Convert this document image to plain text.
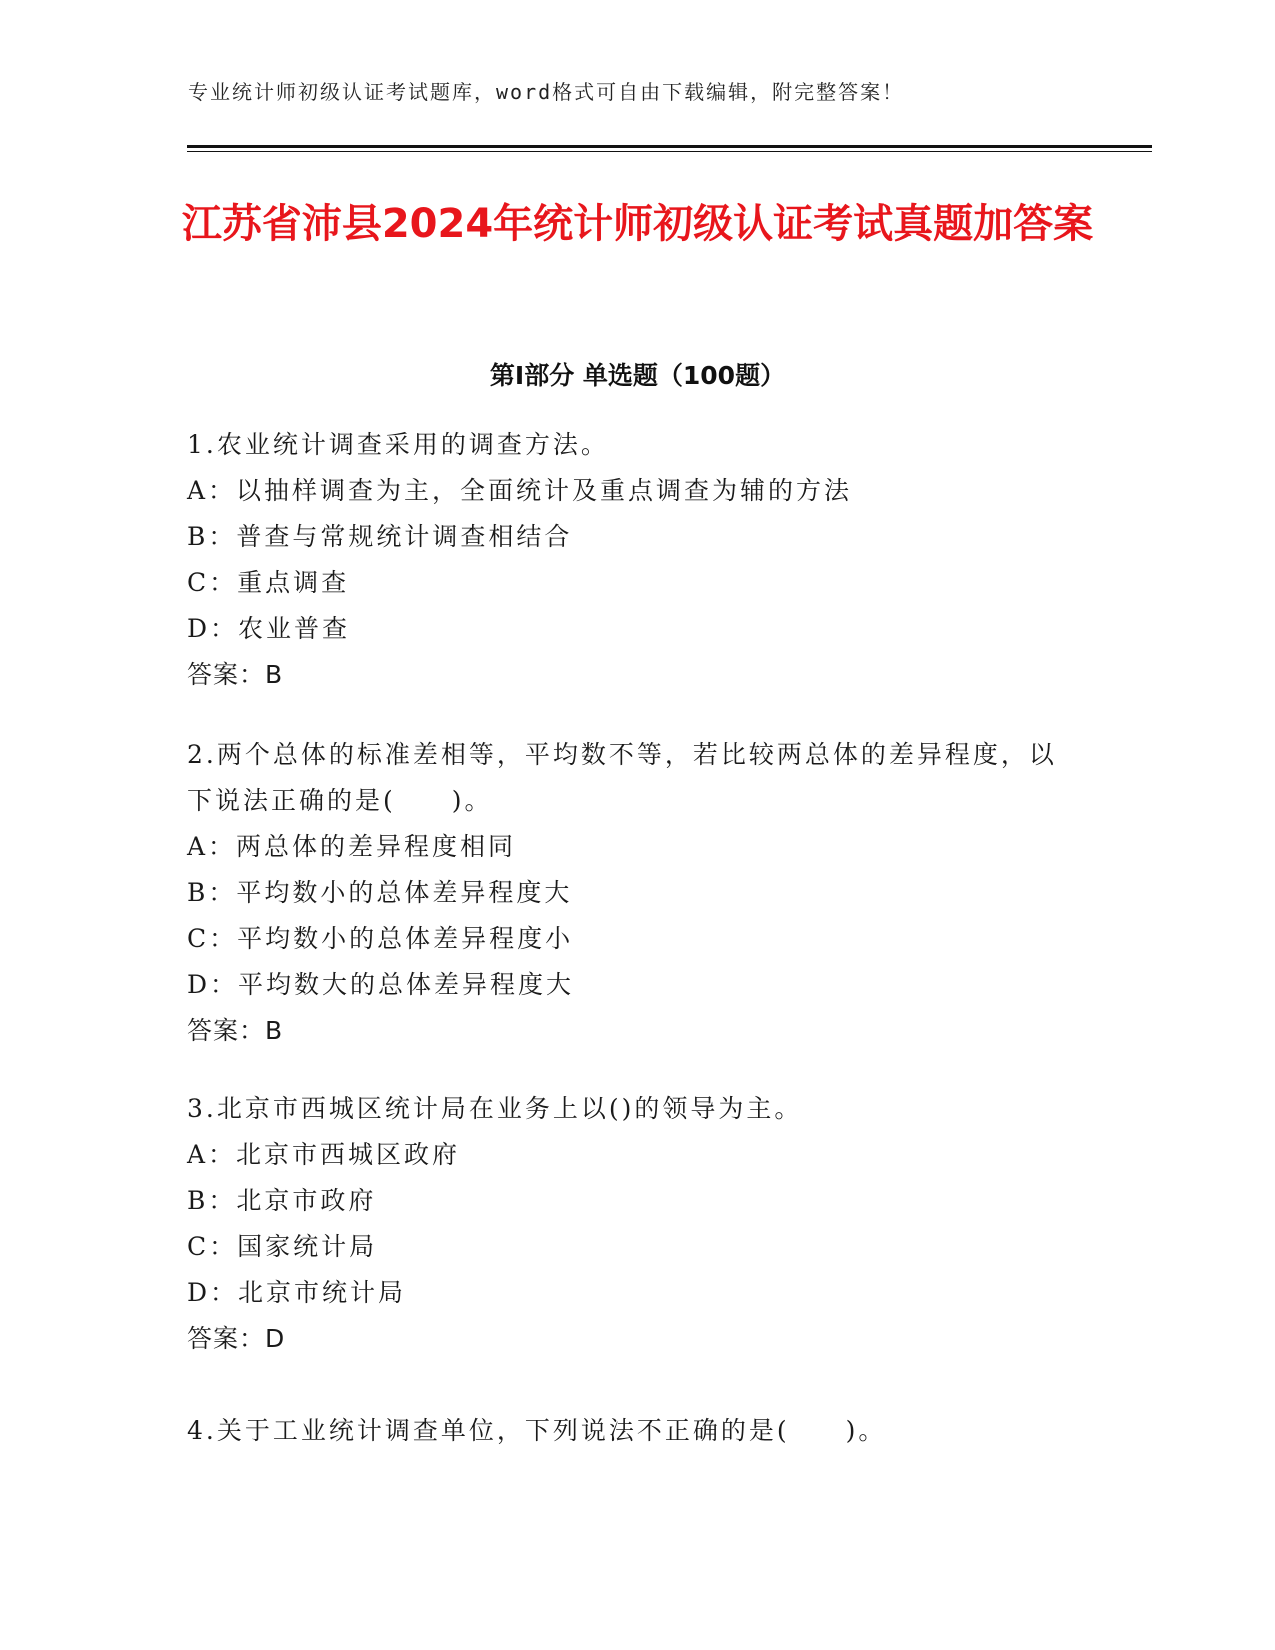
专业统计师初级认证考试题库，word格式可自由下载编辑，附完整答案！
江苏省沛县2024年统计师初级认证考试真题加答案
第Ⅰ部分 单选题（100题）

1.农业统计调查采用的调查方法。

A：以抽样调查为主，全面统计及重点调查为辅的方法

B：普查与常规统计调查相结合

C：重点调查

D：农业普查

答案：B

2.两个总体的标准差相等，平均数不等，若比较两总体的差异程度，以下说法正确的是(　　)。

A：两总体的差异程度相同

B：平均数小的总体差异程度大

C：平均数小的总体差异程度小

D：平均数大的总体差异程度大

答案：B

3.北京市西城区统计局在业务上以()的领导为主。

A：北京市西城区政府

B：北京市政府

C：国家统计局

D：北京市统计局

答案：D

4.关于工业统计调查单位，下列说法不正确的是(　　)。
